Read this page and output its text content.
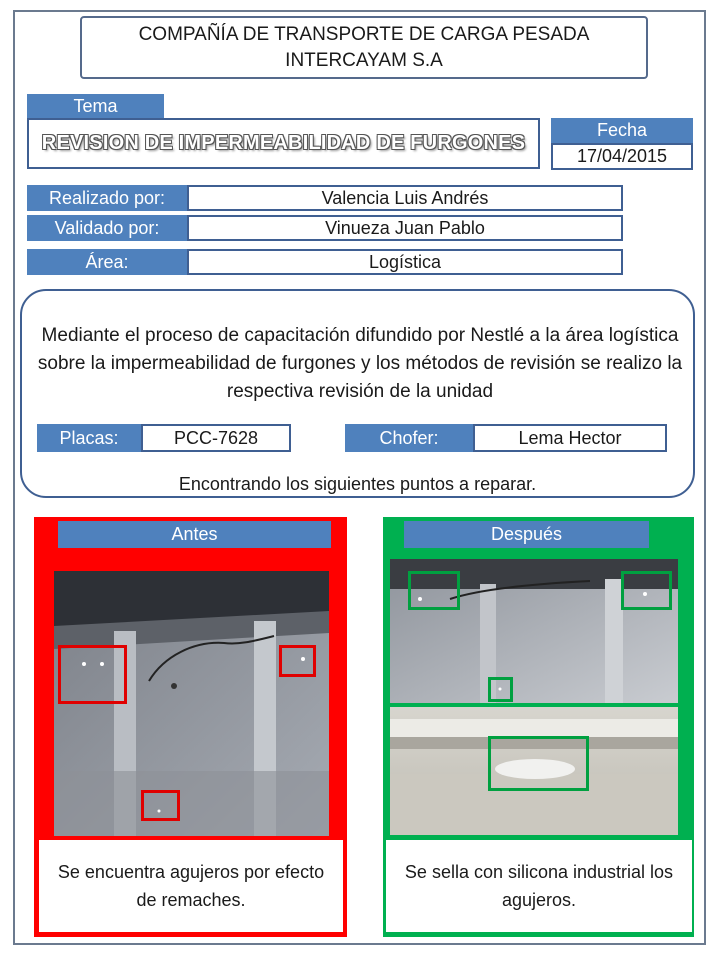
COMPAÑÍA DE TRANSPORTE DE CARGA PESADA
INTERCAYAM S.A
Tema
REVISION DE IMPERMEABILIDAD DE FURGONES
Fecha
17/04/2015
Realizado por:	Valencia Luis Andrés
Validado por:	Vinueza Juan Pablo
Área:	Logística
Mediante el proceso de capacitación difundido por Nestlé a la área logística sobre la impermeabilidad de furgones y los métodos de revisión se realizo la respectiva revisión de la unidad
Placas:	PCC-7628	Chofer:	Lema Hector
Encontrando los siguientes puntos a reparar.
Antes
Se encuentra agujeros por efecto de remaches.
Después
Se sella con silicona industrial los agujeros.
